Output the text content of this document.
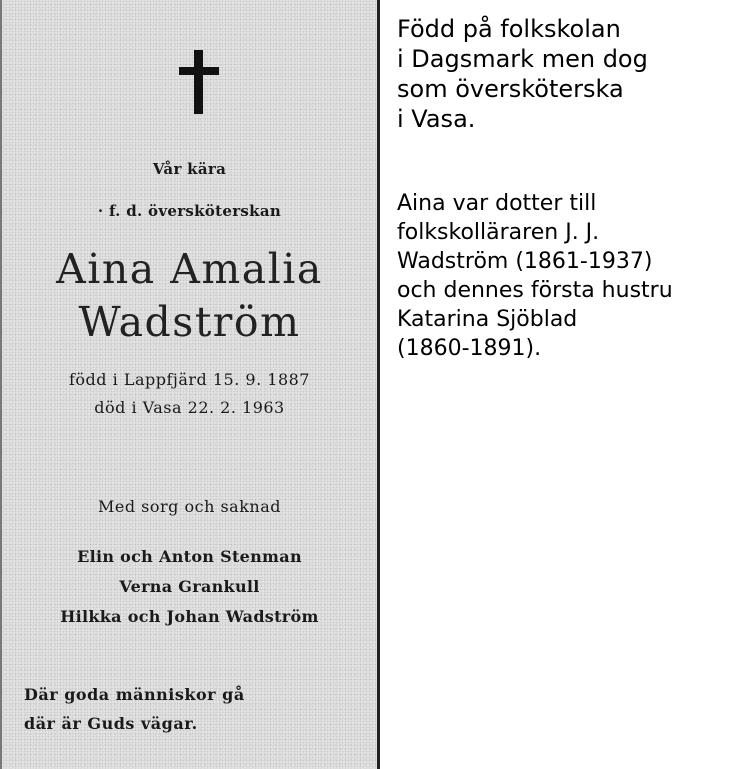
Vår kära
· f. d. översköterskan
Aina Amalia
Wadström
född i Lappfjärd 15. 9. 1887
död i Vasa 22. 2. 1963
Med sorg och saknad
Elin och Anton Stenman
Verna Grankull
Hilkka och Johan Wadström
Där goda människor gå
där är Guds vägar.
Född på folkskolan
i Dagsmark men dog
som översköterska
i Vasa.
Aina var dotter till
folkskolläraren J. J.
Wadström (1861-1937)
och dennes första hustru
Katarina Sjöblad
(1860-1891).
